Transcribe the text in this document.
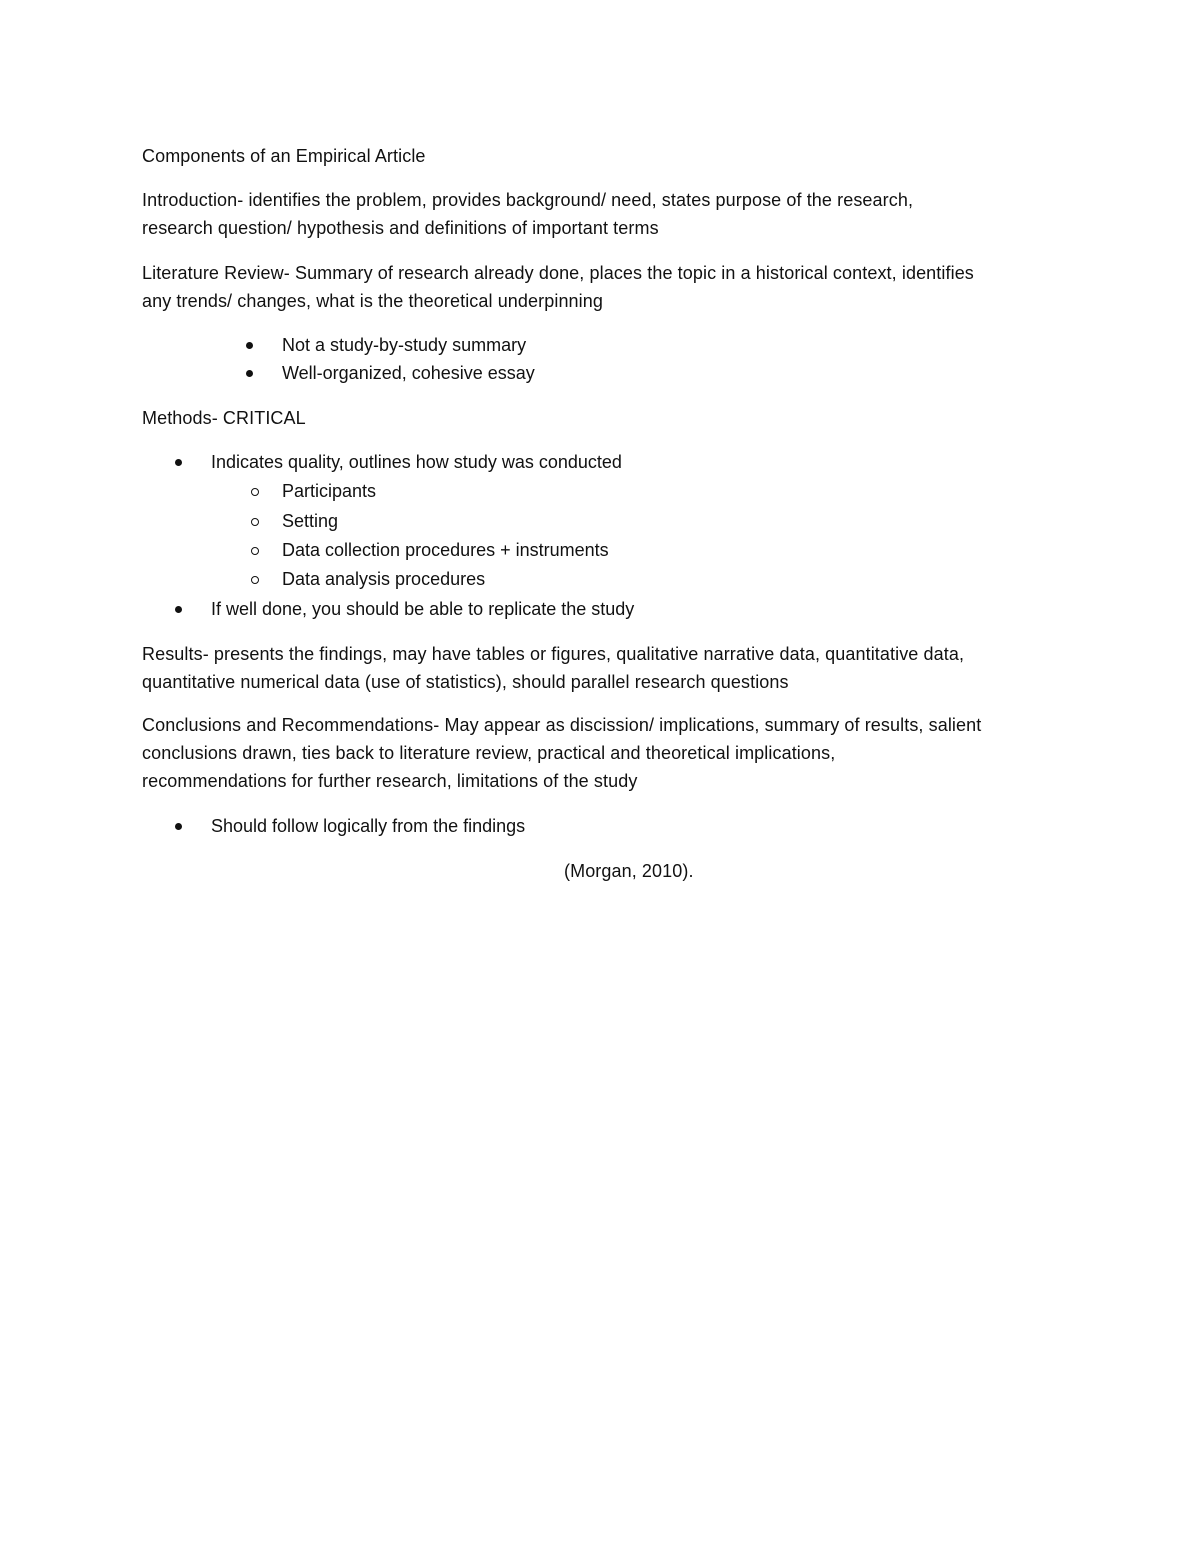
Components of an Empirical Article
Introduction- identifies the problem, provides background/ need, states purpose of the research,
research question/ hypothesis and definitions of important terms
Literature Review- Summary of research already done, places the topic in a historical context, identifies
any trends/ changes, what is the theoretical underpinning
Not a study-by-study summary
Well-organized, cohesive essay
Methods- CRITICAL
Indicates quality, outlines how study was conducted
Participants
Setting
Data collection procedures + instruments
Data analysis procedures
If well done, you should be able to replicate the study
Results- presents the findings, may have tables or figures, qualitative narrative data, quantitative data,
quantitative numerical data (use of statistics), should parallel research questions
Conclusions and Recommendations- May appear as discission/ implications, summary of results, salient
conclusions drawn, ties back to literature review, practical and theoretical implications,
recommendations for further research, limitations of the study
Should follow logically from the findings
(Morgan, 2010).
